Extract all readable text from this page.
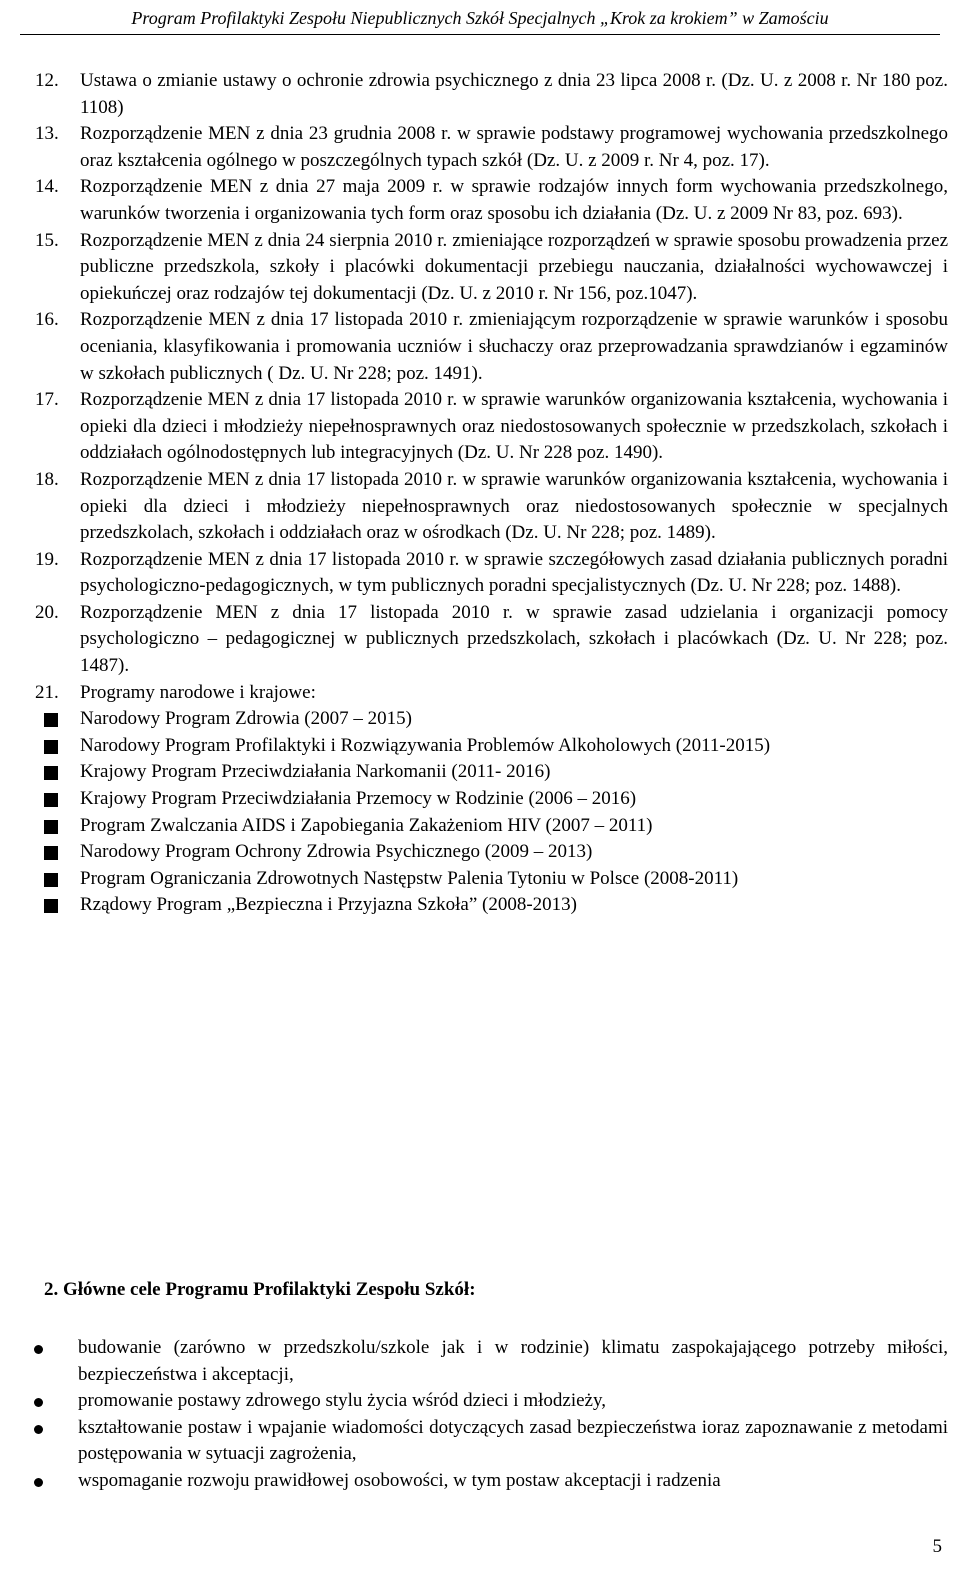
Program Profilaktyki Zespołu Niepublicznych Szkół Specjalnych „Krok za krokiem” w Zamościu
12. Ustawa o zmianie ustawy o ochronie zdrowia psychicznego z dnia 23 lipca 2008 r. (Dz. U. z 2008 r. Nr 180 poz. 1108)
13. Rozporządzenie MEN z dnia 23 grudnia 2008 r. w sprawie podstawy programowej wychowania przedszkolnego oraz kształcenia ogólnego w poszczególnych typach szkół (Dz. U. z 2009 r. Nr 4, poz. 17).
14. Rozporządzenie MEN z dnia 27 maja 2009 r. w sprawie rodzajów innych form wychowania przedszkolnego, warunków tworzenia i organizowania tych form oraz sposobu ich działania (Dz. U. z 2009 Nr 83, poz. 693).
15. Rozporządzenie MEN z dnia 24 sierpnia 2010 r. zmieniające rozporządzeń w sprawie sposobu prowadzenia przez publiczne przedszkola, szkoły i placówki dokumentacji przebiegu nauczania, działalności wychowawczej i opiekuńczej oraz rodzajów tej dokumentacji (Dz. U. z 2010 r. Nr 156, poz.1047).
16. Rozporządzenie MEN z dnia 17 listopada 2010 r. zmieniającym rozporządzenie w sprawie warunków i sposobu oceniania, klasyfikowania i promowania uczniów i słuchaczy oraz przeprowadzania sprawdzianów i egzaminów w szkołach publicznych ( Dz. U. Nr 228; poz. 1491).
17. Rozporządzenie MEN z dnia 17 listopada 2010 r. w sprawie warunków organizowania kształcenia, wychowania i opieki dla dzieci i młodzieży niepełnosprawnych oraz niedostosowanych społecznie w przedszkolach, szkołach i oddziałach ogólnodostępnych lub integracyjnych (Dz. U. Nr 228 poz. 1490).
18. Rozporządzenie MEN z dnia 17 listopada 2010 r. w sprawie warunków organizowania kształcenia, wychowania i opieki dla dzieci i młodzieży niepełnosprawnych oraz niedostosowanych społecznie w specjalnych przedszkolach, szkołach i oddziałach oraz w ośrodkach (Dz. U. Nr 228; poz. 1489).
19. Rozporządzenie MEN z dnia 17 listopada 2010 r. w sprawie szczegółowych zasad działania publicznych poradni psychologiczno-pedagogicznych, w tym publicznych poradni specjalistycznych (Dz. U. Nr 228; poz. 1488).
20. Rozporządzenie MEN z dnia 17 listopada 2010 r. w sprawie zasad udzielania i organizacji pomocy psychologiczno – pedagogicznej w publicznych przedszkolach, szkołach i placówkach (Dz. U. Nr 228; poz. 1487).
21. Programy narodowe i krajowe:
Narodowy Program Zdrowia (2007 – 2015)
Narodowy Program Profilaktyki i Rozwiązywania Problemów Alkoholowych (2011-2015)
Krajowy Program Przeciwdziałania Narkomanii (2011- 2016)
Krajowy Program Przeciwdziałania Przemocy w Rodzinie (2006 – 2016)
Program Zwalczania AIDS i Zapobiegania Zakażeniom HIV (2007 – 2011)
Narodowy Program Ochrony Zdrowia Psychicznego (2009 – 2013)
Program Ograniczania Zdrowotnych Następstw Palenia Tytoniu w Polsce (2008-2011)
Rządowy Program „Bezpieczna i Przyjazna Szkoła” (2008-2013)
2. Główne cele Programu Profilaktyki Zespołu Szkół:
budowanie (zarówno w przedszkolu/szkole jak i w rodzinie) klimatu zaspokajającego potrzeby miłości, bezpieczeństwa i akceptacji,
promowanie postawy zdrowego stylu życia wśród dzieci i młodzieży,
kształtowanie postaw i wpajanie wiadomości dotyczących zasad bezpieczeństwa ioraz zapoznawanie z metodami postępowania w sytuacji zagrożenia,
wspomaganie rozwoju prawidłowej osobowości, w tym postaw akceptacji i radzenia
5
